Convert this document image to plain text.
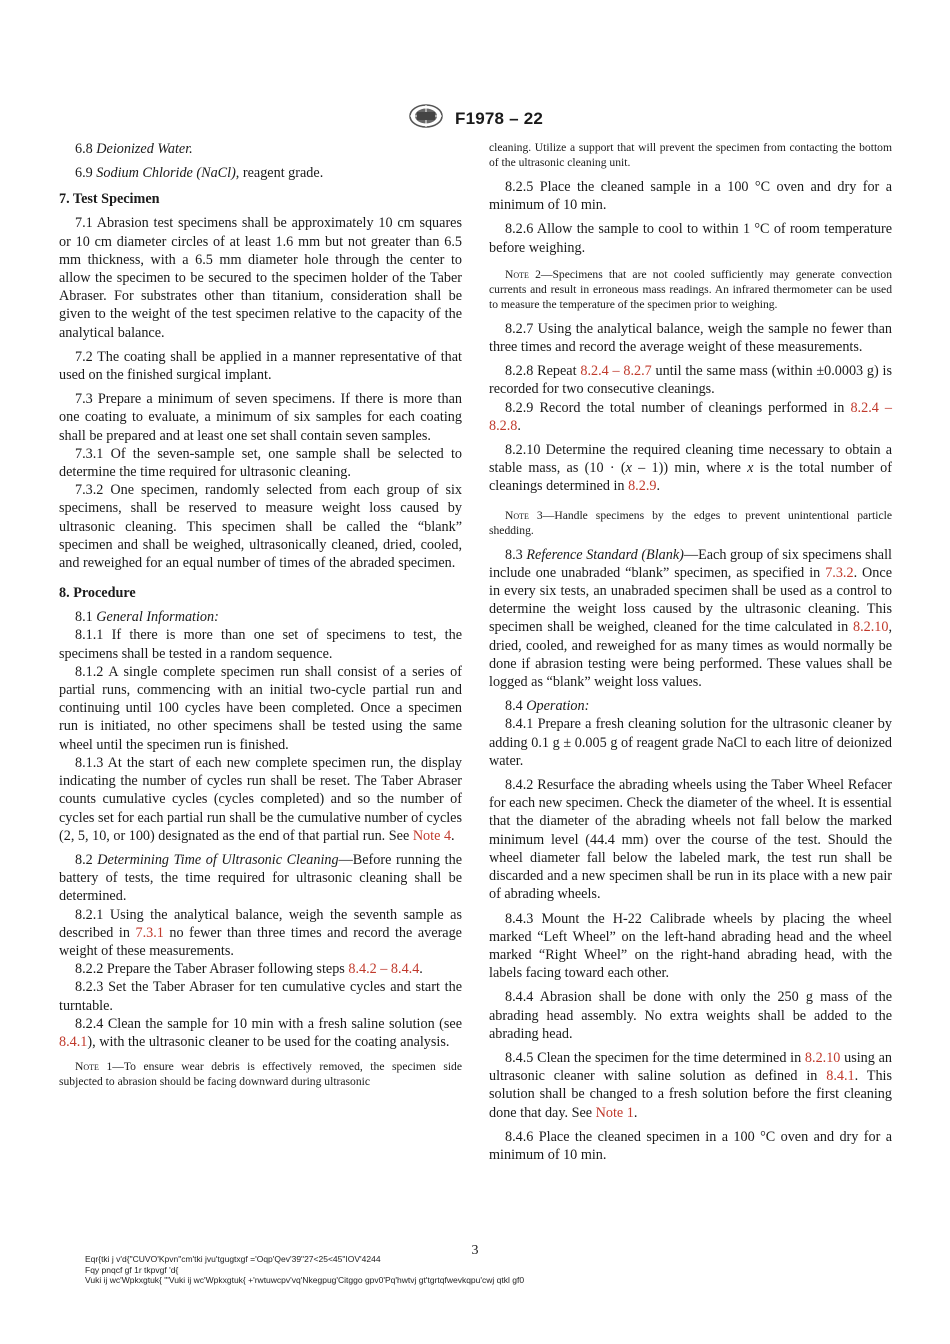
F1978 – 22

6.8 Deionized Water.

6.9 Sodium Chloride (NaCl), reagent grade.

7. Test Specimen

7.1 Abrasion test specimens shall be approximately 10 cm squares or 10 cm diameter circles of at least 1.6 mm but not greater than 6.5 mm thickness, with a 6.5 mm diameter hole through the center to allow the specimen to be secured to the specimen holder of the Taber Abraser. For substrates other than titanium, consideration shall be given to the weight of the test specimen relative to the capacity of the analytical balance.

7.2 The coating shall be applied in a manner representative of that used on the finished surgical implant.

7.3 Prepare a minimum of seven specimens. If there is more than one coating to evaluate, a minimum of six samples for each coating shall be prepared and at least one set shall contain seven samples.

7.3.1 Of the seven-sample set, one sample shall be selected to determine the time required for ultrasonic cleaning.

7.3.2 One specimen, randomly selected from each group of six specimens, shall be reserved to measure weight loss caused by ultrasonic cleaning. This specimen shall be called the “blank” specimen and shall be weighed, ultrasonically cleaned, dried, cooled, and reweighed for an equal number of times of the abraded specimen.

8. Procedure

8.1 General Information:

8.1.1 If there is more than one set of specimens to test, the specimens shall be tested in a random sequence.

8.1.2 A single complete specimen run shall consist of a series of partial runs, commencing with an initial two-cycle partial run and continuing until 100 cycles have been completed. Once a specimen run is initiated, no other specimens shall be tested using the same wheel until the specimen run is finished.

8.1.3 At the start of each new complete specimen run, the display indicating the number of cycles run shall be reset. The Taber Abraser counts cumulative cycles (cycles completed) and so the number of cycles set for each partial run shall be the cumulative number of cycles (2, 5, 10, or 100) designated as the end of that partial run. See Note 4.

8.2 Determining Time of Ultrasonic Cleaning—Before running the battery of tests, the time required for ultrasonic cleaning shall be determined.

8.2.1 Using the analytical balance, weigh the seventh sample as described in 7.3.1 no fewer than three times and record the average weight of these measurements.

8.2.2 Prepare the Taber Abraser following steps 8.4.2 – 8.4.4.

8.2.3 Set the Taber Abraser for ten cumulative cycles and start the turntable.

8.2.4 Clean the sample for 10 min with a fresh saline solution (see 8.4.1), with the ultrasonic cleaner to be used for the coating analysis.

Note 1—To ensure wear debris is effectively removed, the specimen side subjected to abrasion should be facing downward during ultrasonic
cleaning. Utilize a support that will prevent the specimen from contacting the bottom of the ultrasonic cleaning unit.

8.2.5 Place the cleaned sample in a 100 °C oven and dry for a minimum of 10 min.

8.2.6 Allow the sample to cool to within 1 °C of room temperature before weighing.

Note 2—Specimens that are not cooled sufficiently may generate convection currents and result in erroneous mass readings. An infrared thermometer can be used to measure the temperature of the specimen prior to weighing.

8.2.7 Using the analytical balance, weigh the sample no fewer than three times and record the average weight of these measurements.

8.2.8 Repeat 8.2.4 – 8.2.7 until the same mass (within ±0.0003 g) is recorded for two consecutive cleanings.

8.2.9 Record the total number of cleanings performed in 8.2.4 – 8.2.8.

8.2.10 Determine the required cleaning time necessary to obtain a stable mass, as (10 · (x – 1)) min, where x is the total number of cleanings determined in 8.2.9.

Note 3—Handle specimens by the edges to prevent unintentional particle shedding.

8.3 Reference Standard (Blank)—Each group of six specimens shall include one unabraded “blank” specimen, as specified in 7.3.2. Once in every six tests, an unabraded specimen shall be used as a control to determine the weight loss caused by the ultrasonic cleaning. This specimen shall be weighed, cleaned for the time calculated in 8.2.10, dried, cooled, and reweighed for as many times as would normally be done if abrasion testing were being performed. These values shall be logged as “blank” weight loss values.

8.4 Operation:

8.4.1 Prepare a fresh cleaning solution for the ultrasonic cleaner by adding 0.1 g ± 0.005 g of reagent grade NaCl to each litre of deionized water.

8.4.2 Resurface the abrading wheels using the Taber Wheel Refacer for each new specimen. Check the diameter of the wheel. It is essential that the diameter of the abrading wheels not fall below the marked minimum level (44.4 mm) over the course of the test. Should the wheel diameter fall below the labeled mark, the test run shall be discarded and a new specimen shall be run in its place with a new pair of abrading wheels.

8.4.3 Mount the H-22 Calibrade wheels by placing the wheel marked “Left Wheel” on the left-hand abrading head and the wheel marked “Right Wheel” on the right-hand abrading head, with the labels facing toward each other.

8.4.4 Abrasion shall be done with only the 250 g mass of the abrading head assembly. No extra weights shall be added to the abrading head.

8.4.5 Clean the specimen for the time determined in 8.2.10 using an ultrasonic cleaner with saline solution as defined in 8.4.1. This solution shall be changed to a fresh solution before the first cleaning done that day. See Note 1.

8.4.6 Place the cleaned specimen in a 100 °C oven and dry for a minimum of 10 min.

3
Eqr{tki j v'd{"CUVO'Kpvn"cm'tki jvu'tgugtxgf ='Oqp'Qev'39"27<25<45"IOV'4244
Fqy pnqcf gf 1r tkpvgf 'd{
Vuki ij wc'Wpkxgtuk{ "'Vuki ij wc'Wpkxgtuk{ +'rwtuwcpv'vq'Nkegpug'Citggo gpv0'Pq'hwtvj gt'tgrtqfwevkqpu'cwj qtkl gf0
